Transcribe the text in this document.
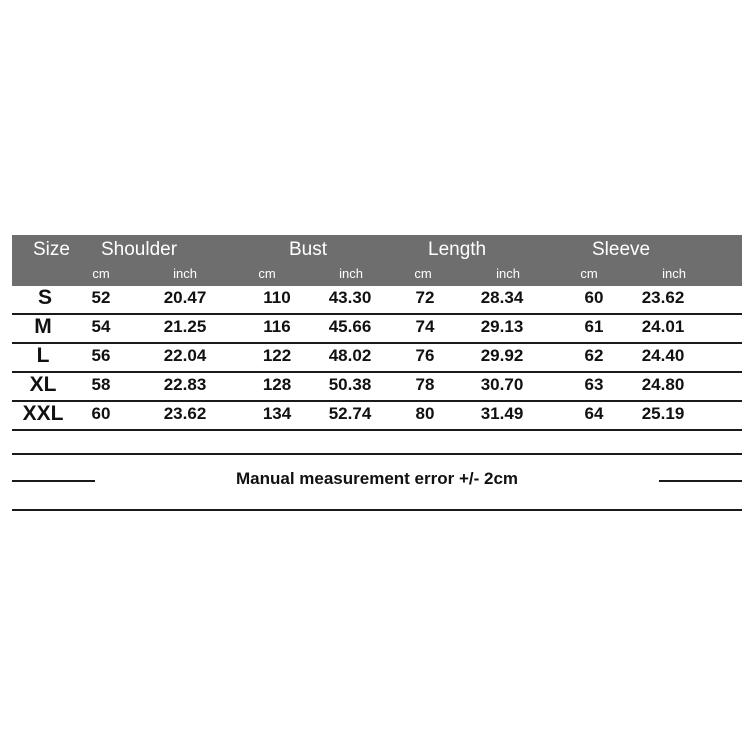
Size Shoulder	Bust	Length	Sleeve
cm	inch	cm	inch	cm	inch	cm	inch
S 52	20.47	110 43.30	72	28.34	60 23.62
M 54	21.25	116 45.66	74	29.13	61 24.01
L 56	22.04	122 48.02	76	29.92	62 24.40
XL 58	22.83	128 50.38	78	30.70	63 24.80
XXL 60	23.62	134 52.74	80	31.49	64 25.19
Manual measurement error +/- 2cm
